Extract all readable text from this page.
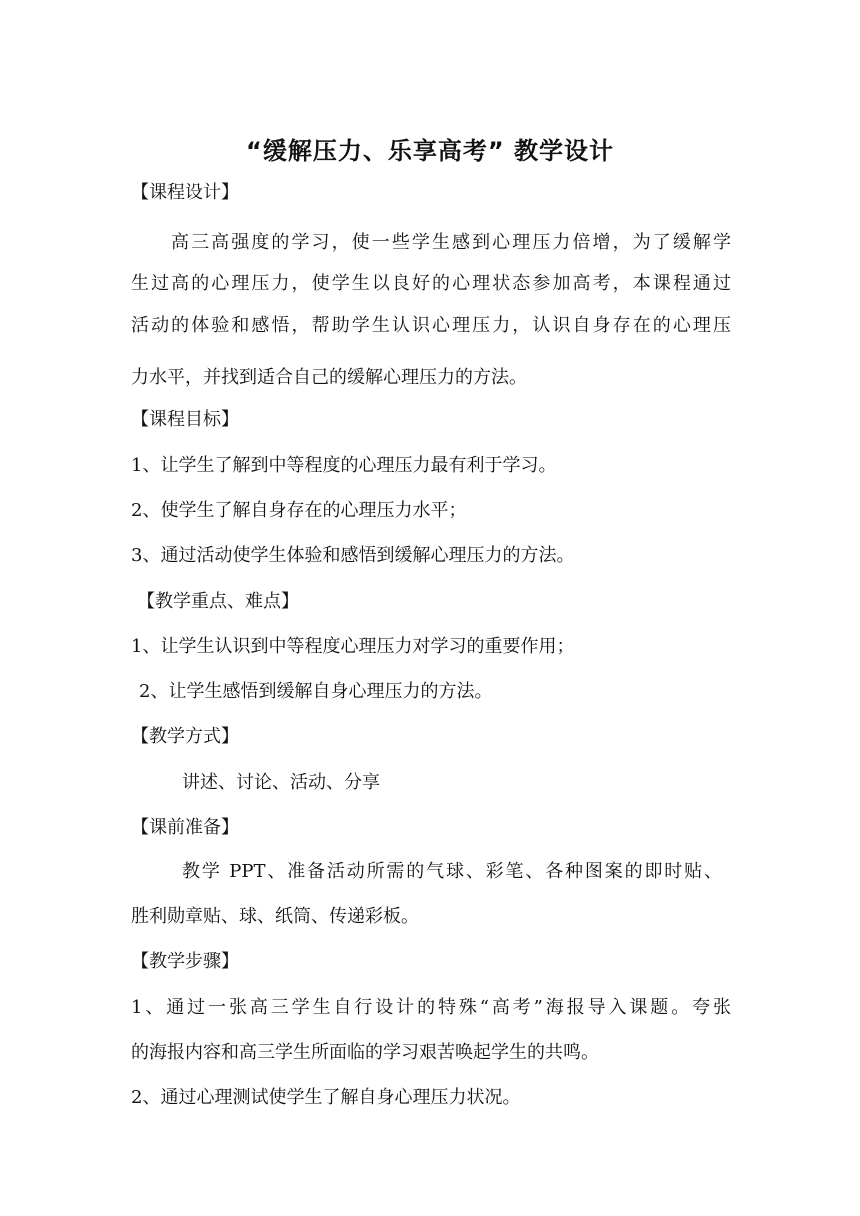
“缓解压力、乐享高考” 教学设计
【课程设计】
高三高强度的学习，使一些学生感到心理压力倍增，为了缓解学
生过高的心理压力，使学生以良好的心理状态参加高考，本课程通过
活动的体验和感悟，帮助学生认识心理压力，认识自身存在的心理压
力水平，并找到适合自己的缓解心理压力的方法。
【课程目标】
1、让学生了解到中等程度的心理压力最有利于学习。
2、使学生了解自身存在的心理压力水平；
3、通过活动使学生体验和感悟到缓解心理压力的方法。
【教学重点、难点】
1、让学生认识到中等程度心理压力对学习的重要作用；
2、让学生感悟到缓解自身心理压力的方法。
【教学方式】
讲述、讨论、活动、分享
【课前准备】
教学 PPT、准备活动所需的气球、彩笔、各种图案的即时贴、
胜利勋章贴、球、纸筒、传递彩板。
【教学步骤】
1、通过一张高三学生自行设计的特殊“高考”海报导入课题。夸张
的海报内容和高三学生所面临的学习艰苦唤起学生的共鸣。
2、通过心理测试使学生了解自身心理压力状况。
